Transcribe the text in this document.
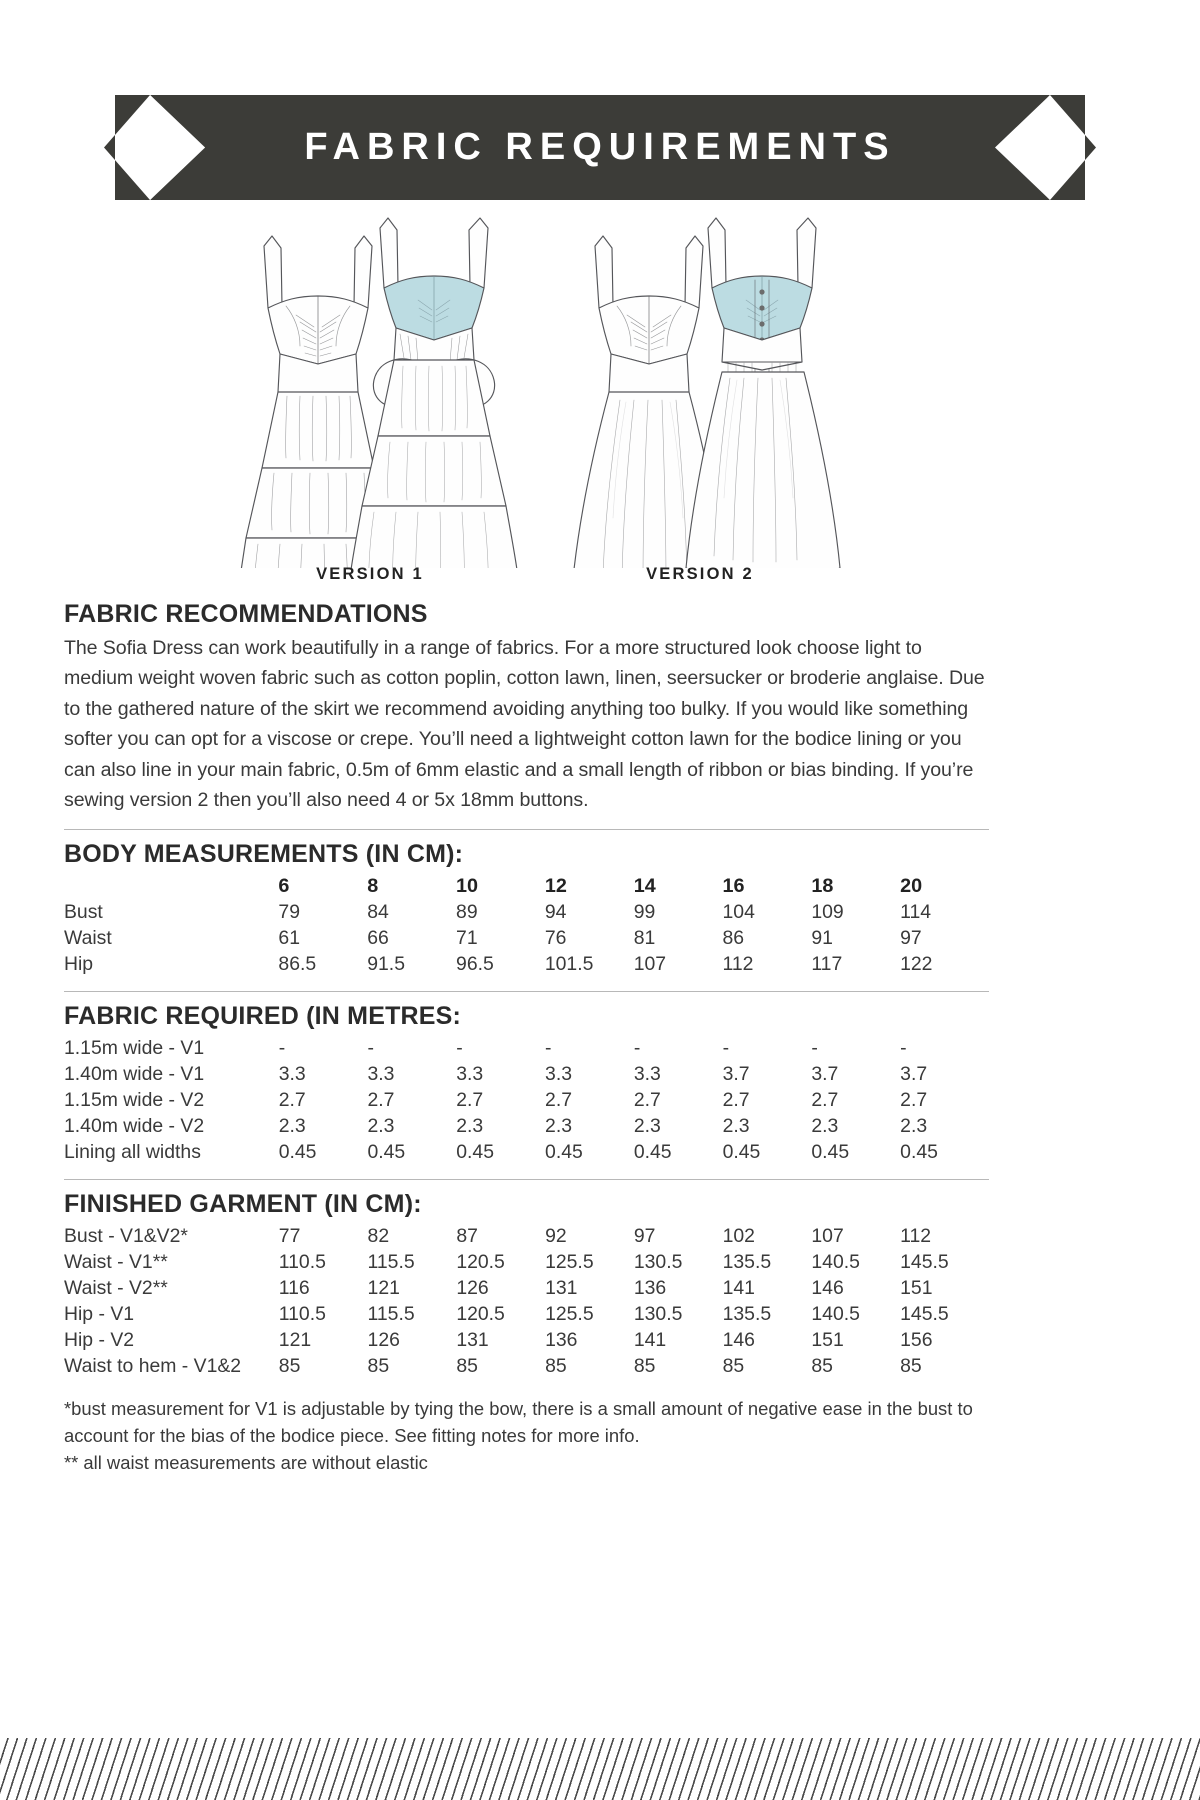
FABRIC REQUIREMENTS
VERSION 1	VERSION 2
FABRIC RECOMMENDATIONS

The Sofia Dress can work beautifully in a range of fabrics. For a more structured look choose light to medium weight woven fabric such as cotton poplin, cotton lawn, linen, seersucker or broderie anglaise. Due to the gathered nature of the skirt we recommend avoiding anything too bulky. If you would like something softer you can opt for a viscose or crepe. You’ll need a lightweight cotton lawn for the bodice lining or you can also line in your main fabric, 0.5m of 6mm elastic and a small length of ribbon or bias binding. If you’re sewing version 2 then you’ll also need 4 or 5x 18mm buttons.

BODY MEASUREMENTS (IN CM):
	6	8	10	12	14	16	18	20
Bust	79	84	89	94	99	104	109	114
Waist	61	66	71	76	81	86	91	97
Hip	86.5	91.5	96.5	101.5	107	112	117	122
FABRIC REQUIRED (IN METRES:
1.15m wide - V1	-	-	-	-	-	-	-	-
1.40m wide - V1	3.3	3.3	3.3	3.3	3.3	3.7	3.7	3.7
1.15m wide - V2	2.7	2.7	2.7	2.7	2.7	2.7	2.7	2.7
1.40m wide - V2	2.3	2.3	2.3	2.3	2.3	2.3	2.3	2.3
Lining all widths	0.45	0.45	0.45	0.45	0.45	0.45	0.45	0.45
FINISHED GARMENT (IN CM):
Bust - V1&V2*	77	82	87	92	97	102	107	112
Waist - V1**	110.5	115.5	120.5	125.5	130.5	135.5	140.5	145.5
Waist - V2**	116	121	126	131	136	141	146	151
Hip - V1	110.5	115.5	120.5	125.5	130.5	135.5	140.5	145.5
Hip - V2	121	126	131	136	141	146	151	156
Waist to hem - V1&2	85	85	85	85	85	85	85	85
*bust measurement for V1 is adjustable by tying the bow, there is a small amount of negative ease in the bust to account for the bias of the bodice piece. See fitting notes for more info.
** all waist measurements are without elastic
